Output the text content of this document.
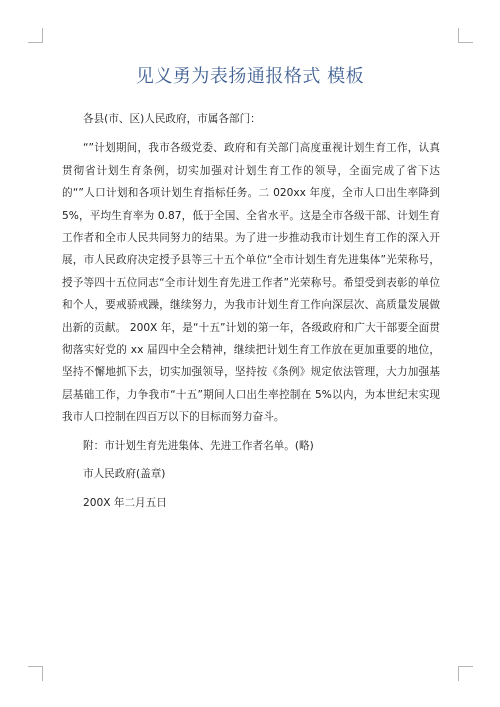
见义勇为表扬通报格式 模板

各县(市、区)人民政府，市属各部门：

“”计划期间，我市各级党委、政府和有关部门高度重视计划生育工作，认真贯彻省计划生育条例，切实加强对计划生育工作的领导，全面完成了省下达的“”人口计划和各项计划生育指标任务。二 020xx 年度，全市人口出生率降到 5%，平均生育率为 0.87，低于全国、全省水平。这是全市各级干部、计划生育工作者和全市人民共同努力的结果。为了进一步推动我市计划生育工作的深入开展，市人民政府决定授予县等三十五个单位“全市计划生育先进集体”光荣称号，授予等四十五位同志“全市计划生育先进工作者”光荣称号。希望受到表彰的单位和个人，要戒骄戒躁，继续努力，为我市计划生育工作向深层次、高质量发展做出新的贡献。 200X 年，是“十五”计划的第一年，各级政府和广大干部要全面贯彻落实好党的 xx 届四中全会精神，继续把计划生育工作放在更加重要的地位，坚持不懈地抓下去，切实加强领导，坚持按《条例》规定依法管理，大力加强基层基础工作，力争我市“十五”期间人口出生率控制在 5%以内，为本世纪末实现我市人口控制在四百万以下的目标而努力奋斗。

附：市计划生育先进集体、先进工作者名单。(略)

市人民政府(盖章)

200X 年二月五日
